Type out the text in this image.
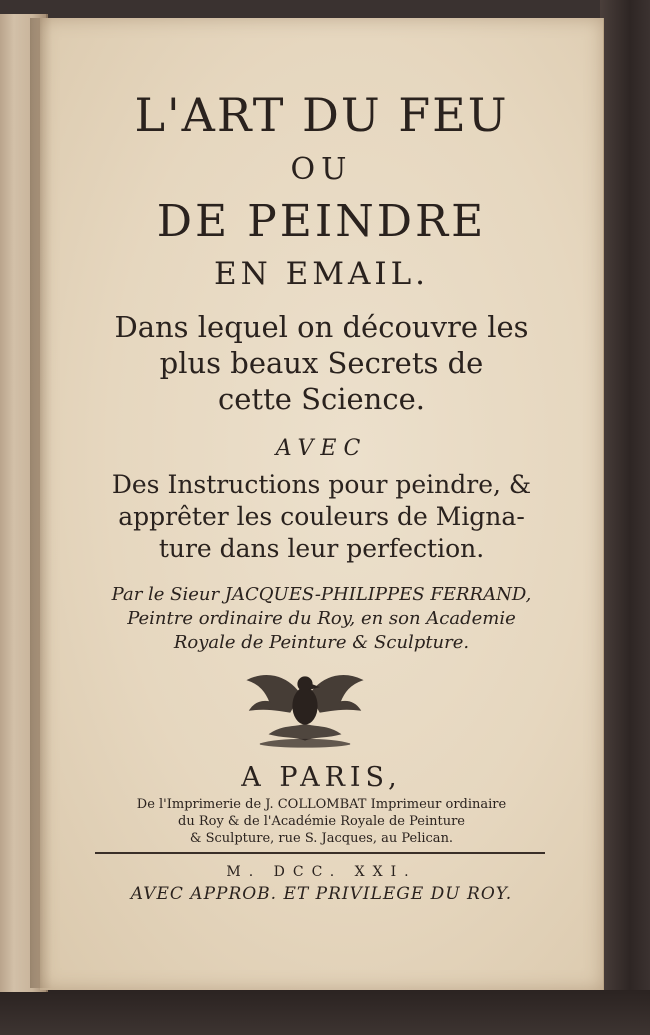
L'ART DU FEU
OU
DE PEINDRE
EN EMAIL.
Dans lequel on découvre les
plus beaux Secrets de
cette Science.
AVEC
Des Instructions pour peindre, &
apprêter les couleurs de Migna-
ture dans leur perfection.
Par le Sieur JACQUES-PHILIPPES FERRAND,
Peintre ordinaire du Roy, en son Academie
Royale de Peinture & Sculpture.
A PARIS,
De l'Imprimerie de J. COLLOMBAT Imprimeur ordinaire
du Roy & de l'Académie Royale de Peinture
& Sculpture, rue S. Jacques, au Pelican.
M. DCC. XXI.
AVEC APPROB. ET PRIVILEGE DU ROY.
